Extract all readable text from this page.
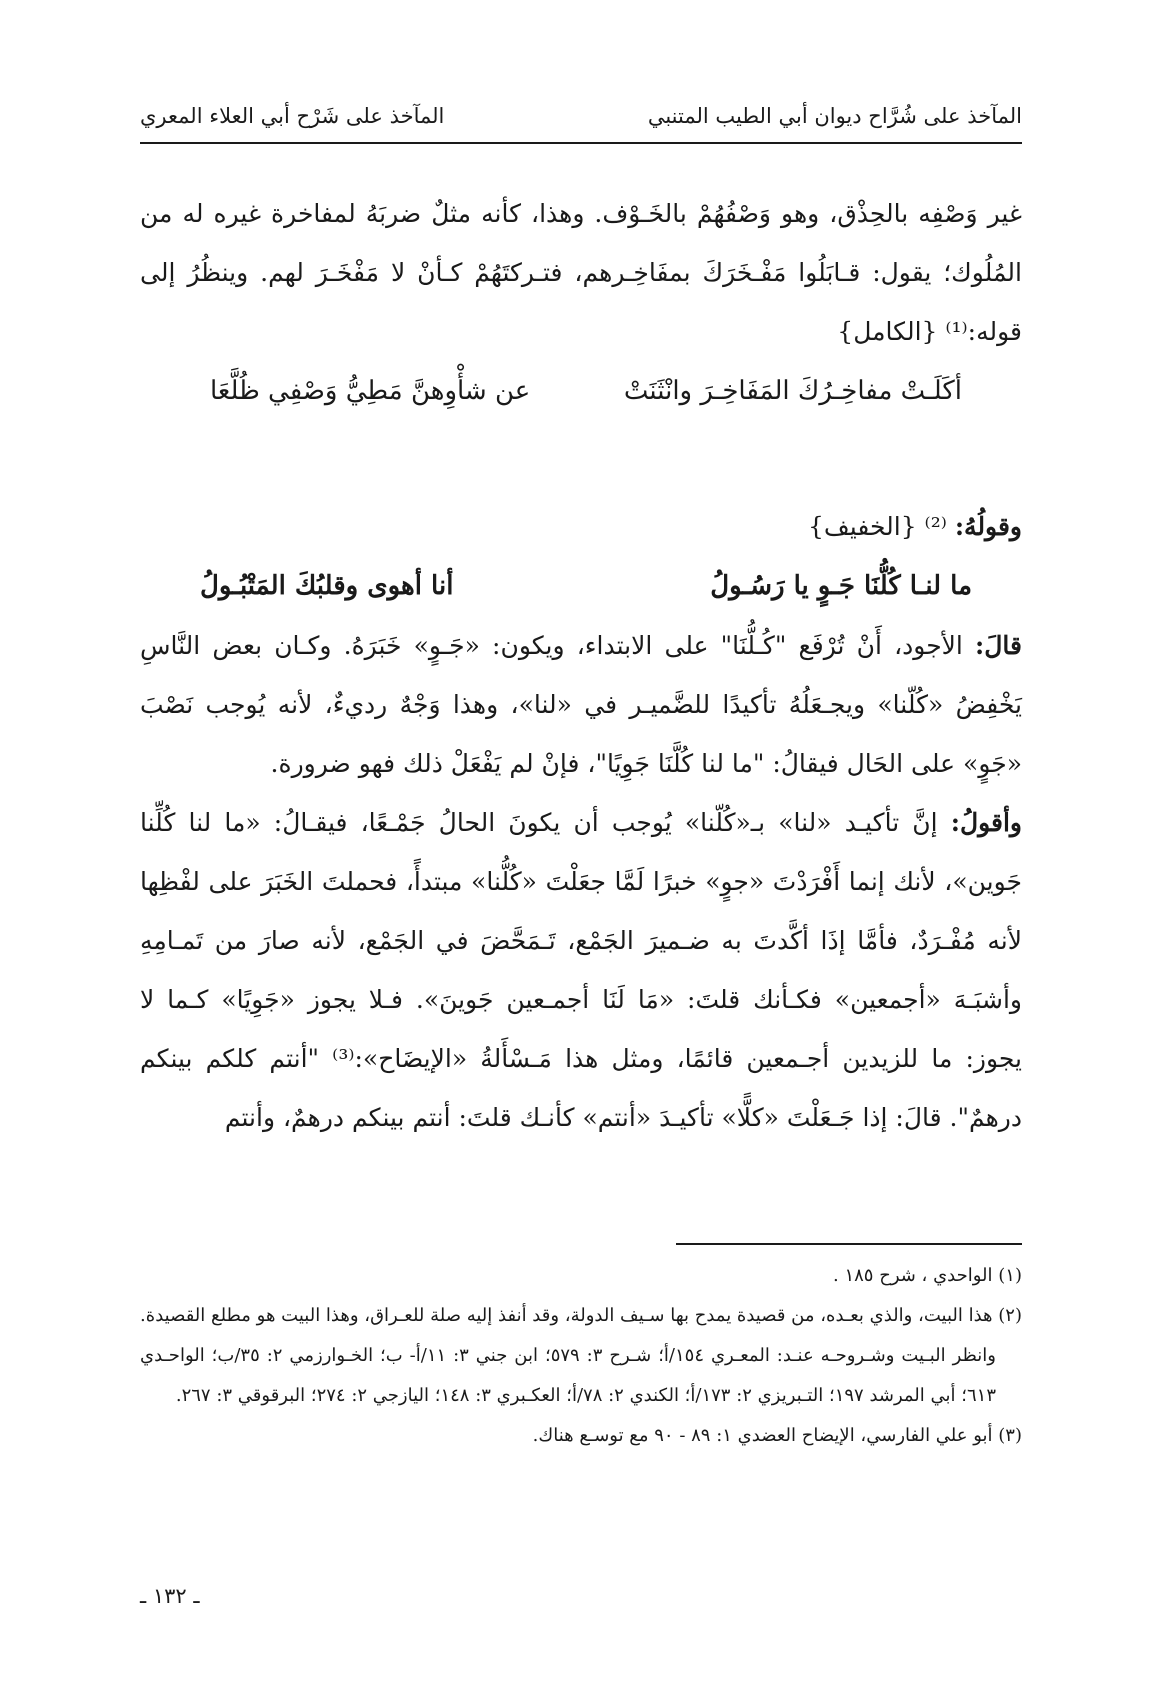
المآخذ على شُرَّاح ديوان أبي الطيب المتنبي
المآخذ على شَرْح أبي العلاء المعري

غير وَصْفِه بالحِذْق، وهو وَصْفُهُمْ بالخَـوْف. وهذا، كأنه مثلٌ ضربَهُ لمفاخرة غيره له من المُلُوك؛ يقول: قـابَلُوا مَفْـخَرَكَ بمفَاخِـرهم، فتـركتَهُمْ كـأنْ لا مَفْخَـرَ لهم. وينظُرُ إلى قوله:⁽¹⁾ {الكامل}

أكَلَـتْ مفاخِـرُكَ المَفَاخِـرَ وانْثَنَتْ
عن شأْوِهنَّ مَطِيُّ وَصْفِي ظُلَّعَا

وقولُهُ: ⁽²⁾ {الخفيف}

ما لنـا كُلُّنَا جَـوٍ يا رَسُـولُ
أنا أهوى وقلبُكَ المَتْبُـولُ

قالَ: الأجود، أَنْ تُرْفَع "كُـلُّنَا" على الابتداء، ويكون: «جَـوٍ» خَبَرَهُ. وكـان بعض النَّاسِ يَخْفِضُ «كُلّنا» ويجـعَلُهُ تأكيدًا للضَّميـر في «لنا»، وهذا وَجْهٌ رديءٌ، لأنه يُوجب نَصْبَ «جَوٍ» على الحَال فيقالُ: "ما لنا كُلَّنَا جَوِيًا"، فإنْ لم يَفْعَلْ ذلك فهو ضرورة.

وأقولُ: إنَّ تأكيـد «لنا» بـ«كُلّنا» يُوجب أن يكونَ الحالُ جَمْـعًا، فيقـالُ: «ما لنا كُلِّنا جَوين»، لأنك إنما أَفْرَدْتَ «جوٍ» خبرًا لَمَّا جعَلْتَ «كُلُّنا» مبتدأً، فحملتَ الخَبَرَ على لفْظِها لأنه مُفْـرَدٌ، فأمَّا إذَا أكَّدتَ به ضـميرَ الجَمْع، تَـمَحَّضَ في الجَمْع، لأنه صارَ من تَمـامِهِ وأشبَـهَ «أجمعين» فكـأنك قلتَ: «مَا لَنَا أجمـعين جَوينَ». فـلا يجوز «جَوِيًا» كـما لا يجوز: ما للزيدين أجـمعين قائمًا، ومثل هذا مَـسْأَلةُ «الإيضَاح»:⁽³⁾ "أنتم كلكم بينكم درهمٌ". قالَ: إذا جَـعَلْتَ «كلًّا» تأكيـدَ «أنتم» كأنـك قلتَ: أنتم بينكم درهمٌ، وأنتم

(١) الواحدي ، شرح ١٨٥ .

(٢) هذا البيت، والذي بعـده، من قصيدة يمدح بها سـيف الدولة، وقد أنفذ إليه صلة للعـراق، وهذا البيت هو مطلع القصيدة.

وانظر البـيت وشـروحـه عنـد: المعـري ١٥٤/أ؛ شـرح ٣: ٥٧٩؛ ابن جني ٣: ١١/أ- ب؛ الخـوارزمي ٢: ٣٥/ب؛ الواحـدي ٦١٣؛ أبي المرشد ١٩٧؛ التـبريزي ٢: ١٧٣/أ؛ الكندي ٢: ٧٨/أ؛ العكـبري ٣: ١٤٨؛ اليازجي ٢: ٢٧٤؛ البرقوقي ٣: ٢٦٧.

(٣) أبو علي الفارسي، الإيضاح العضدي ١: ٨٩ - ٩٠ مع توسـع هناك.

ـ ١٣٢ ـ
